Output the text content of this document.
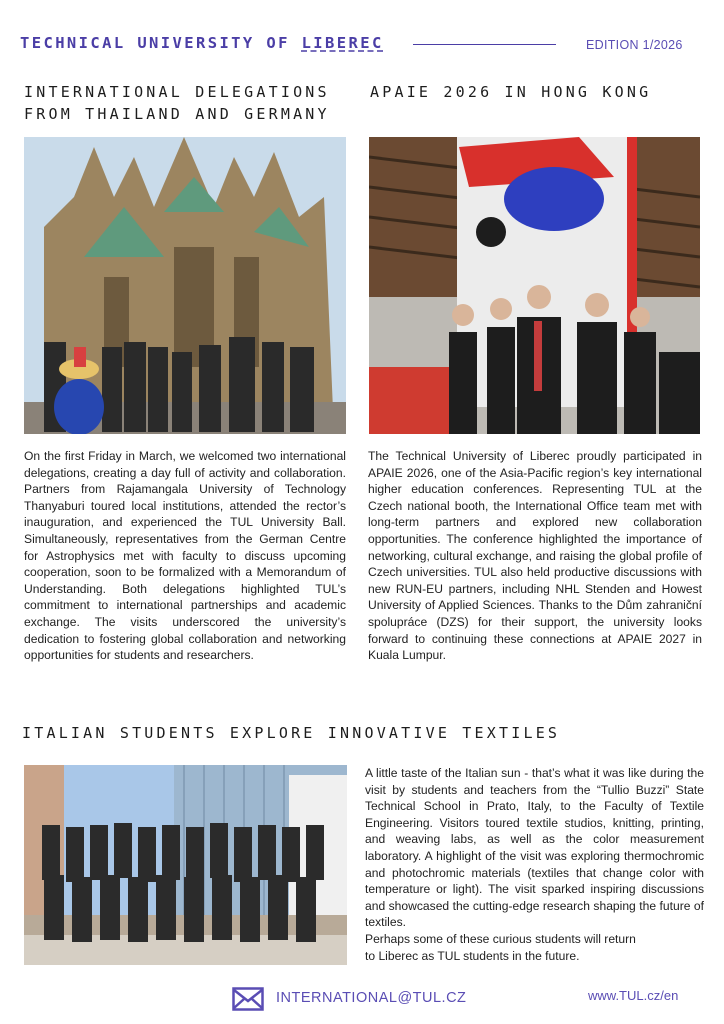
TECHNICAL UNIVERSITY OF LIBEREC	EDITION 1/2026
INTERNATIONAL DELEGATIONS
FROM THAILAND AND GERMANY
On the first Friday in March, we welcomed two international delegations, creating a day full of activity and collaboration. Partners from Rajamangala University of Technology Thanyaburi toured local institutions, attended the rector’s inauguration, and experienced the TUL University Ball. Simultaneously, representatives from the German Centre for Astrophysics met with faculty to discuss upcoming cooperation, soon to be formalized with a Memorandum of Understanding. Both delegations highlighted TUL’s commitment to international partnerships and academic exchange. The visits underscored the university’s dedication to fostering global collaboration and networking opportunities for students and researchers.
APAIE 2026 IN HONG KONG
The Technical University of Liberec proudly participated in APAIE 2026, one of the Asia-Pacific region’s key international higher education conferences. Representing TUL at the Czech national booth, the International Office team met with long-term partners and explored new collaboration opportunities. The conference highlighted the importance of networking, cultural exchange, and raising the global profile of Czech universities. TUL also held productive discussions with new RUN-EU partners, including NHL Stenden and Howest University of Applied Sciences. Thanks to the Dům zahraniční spolupráce (DZS) for their support, the university looks forward to continuing these connections at APAIE 2027 in Kuala Lumpur.
ITALIAN STUDENTS EXPLORE INNOVATIVE TEXTILES

A little taste of the Italian sun - that’s what it was like during the visit by students and teachers from the “Tullio Buzzi” State Technical School in Prato, Italy, to the Faculty of Textile Engineering. Visitors toured textile studios, knitting, printing, and weaving labs, as well as the color measurement laboratory. A highlight of the visit was exploring thermochromic and photochromic materials (textiles that change color with temperature or light). The visit sparked inspiring discussions and showcased the cutting-edge research shaping the future of textiles.

Perhaps some of these curious students will return
to Liberec as TUL students in the future.
INTERNATIONAL@TUL.CZ	www.TUL.cz/en
